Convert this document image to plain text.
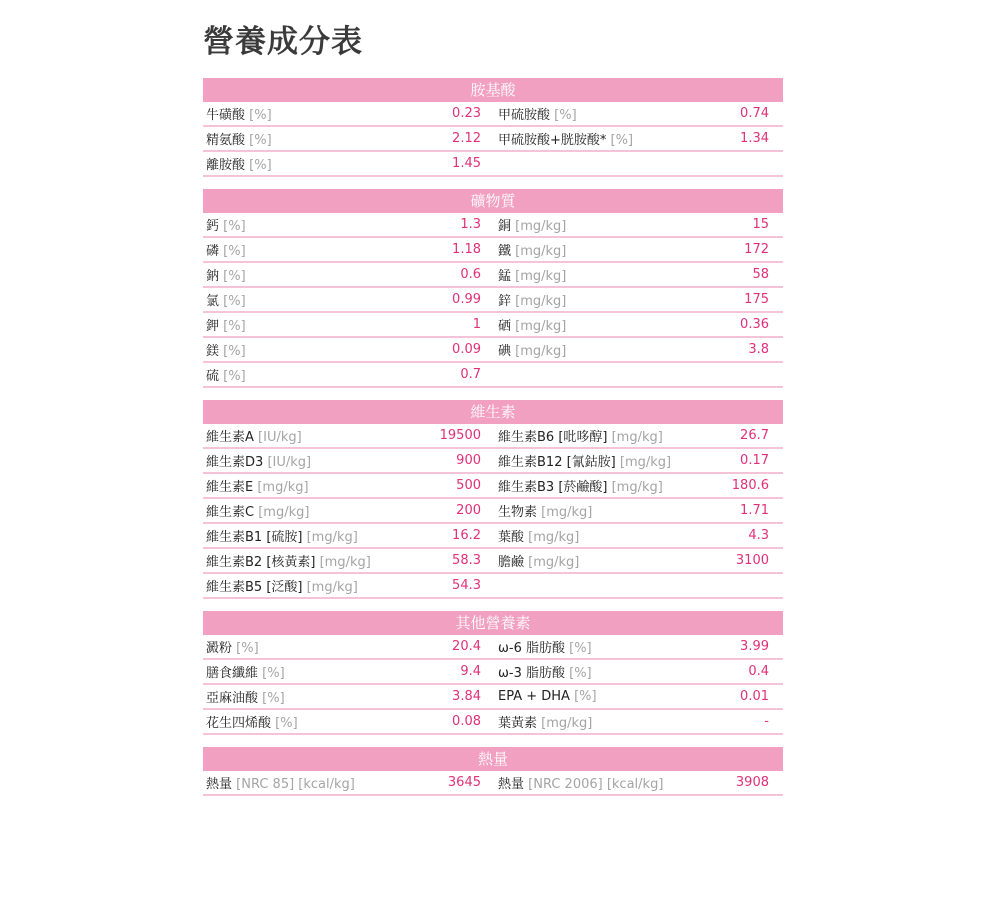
營養成分表
胺基酸
牛磺酸 [%]	0.23 甲硫胺酸 [%]	0.74
精氨酸 [%]	2.12 甲硫胺酸+胱胺酸* [%]	1.34
離胺酸 [%]	1.45
礦物質
鈣 [%]	1.3 銅 [mg/kg]	15
磷 [%]	1.18 鐵 [mg/kg]	172
鈉 [%]	0.6 錳 [mg/kg]	58
氯 [%]	0.99 鋅 [mg/kg]	175
鉀 [%]	1 硒 [mg/kg]	0.36
鎂 [%]	0.09 碘 [mg/kg]	3.8
硫 [%]	0.7
維生素
維生素A [IU/kg]	19500 維生素B6 [吡哆醇] [mg/kg]	26.7
維生素D3 [IU/kg]	900 維生素B12 [氰鈷胺] [mg/kg]	0.17
維生素E [mg/kg]	500 維生素B3 [菸鹼酸] [mg/kg]	180.6
維生素C [mg/kg]	200 生物素 [mg/kg]	1.71
維生素B1 [硫胺] [mg/kg]	16.2 葉酸 [mg/kg]	4.3
維生素B2 [核黃素] [mg/kg]	58.3 膽鹼 [mg/kg]	3100
維生素B5 [泛酸] [mg/kg]	54.3
其他營養素
澱粉 [%]	20.4 ω-6 脂肪酸 [%]	3.99
膳食纖維 [%]	9.4 ω-3 脂肪酸 [%]	0.4
亞麻油酸 [%]	3.84 EPA + DHA [%]	0.01
花生四烯酸 [%]	0.08 葉黃素 [mg/kg]	-
熱量
熱量 [NRC 85] [kcal/kg]	3645 熱量 [NRC 2006] [kcal/kg]	3908
